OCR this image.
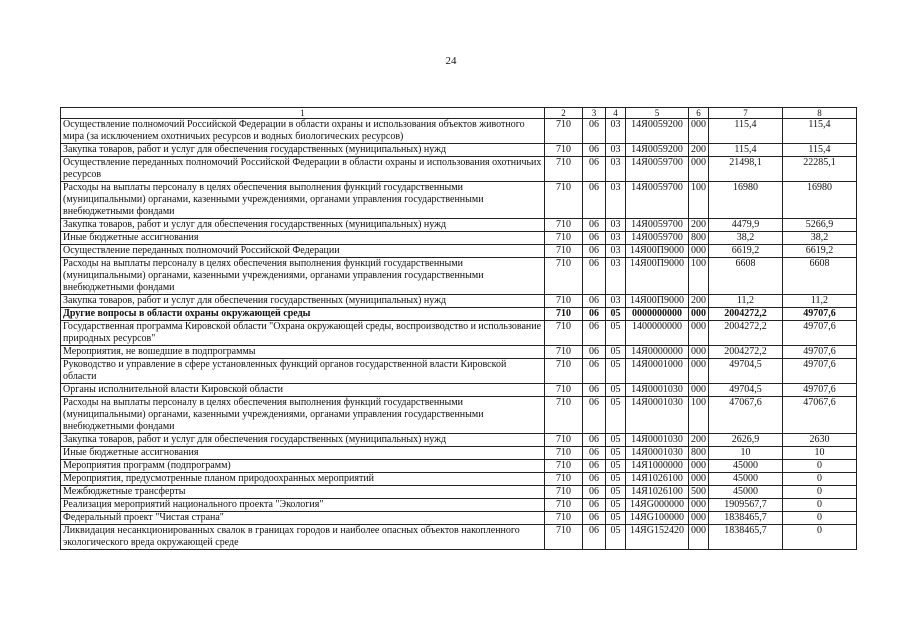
24
1	2	3	4	5	6	7	8
Осуществление полномочий Российской Федерации в области охраны и использования объектов животного мира (за исключением охотничьих ресурсов и водных биологических ресурсов)	710	06	03	14Я0059200	000	115,4	115,4
Закупка товаров, работ и услуг для обеспечения государственных (муниципальных) нужд	710	06	03	14Я0059200	200	115,4	115,4
Осуществление переданных полномочий Российской Федерации в области охраны и использования охотничьих ресурсов	710	06	03	14Я0059700	000	21498,1	22285,1
Расходы на выплаты персоналу в целях обеспечения выполнения функций государственными (муниципальными) органами, казенными учреждениями, органами управления государственными внебюджетными фондами	710	06	03	14Я0059700	100	16980	16980
Закупка товаров, работ и услуг для обеспечения государственных (муниципальных) нужд	710	06	03	14Я0059700	200	4479,9	5266,9
Иные бюджетные ассигнования	710	06	03	14Я0059700	800	38,2	38,2
Осуществление переданных полномочий Российской Федерации	710	06	03	14Я00П9000	000	6619,2	6619,2
Расходы на выплаты персоналу в целях обеспечения выполнения функций государственными (муниципальными) органами, казенными учреждениями, органами управления государственными внебюджетными фондами	710	06	03	14Я00П9000	100	6608	6608
Закупка товаров, работ и услуг для обеспечения государственных (муниципальных) нужд	710	06	03	14Я00П9000	200	11,2	11,2
Другие вопросы в области охраны окружающей среды	710	06	05	0000000000	000	2004272,2	49707,6
Государственная программа Кировской области "Охрана окружающей среды, воспроизводство и использование природных ресурсов"	710	06	05	1400000000	000	2004272,2	49707,6
Мероприятия, не вошедшие в подпрограммы	710	06	05	14Я0000000	000	2004272,2	49707,6
Руководство и управление в сфере установленных функций органов государственной власти Кировской области	710	06	05	14Я0001000	000	49704,5	49707,6
Органы исполнительной власти Кировской области	710	06	05	14Я0001030	000	49704,5	49707,6
Расходы на выплаты персоналу в целях обеспечения выполнения функций государственными (муниципальными) органами, казенными учреждениями, органами управления государственными внебюджетными фондами	710	06	05	14Я0001030	100	47067,6	47067,6
Закупка товаров, работ и услуг для обеспечения государственных (муниципальных) нужд	710	06	05	14Я0001030	200	2626,9	2630
Иные бюджетные ассигнования	710	06	05	14Я0001030	800	10	10
Мероприятия программ (подпрограмм)	710	06	05	14Я1000000	000	45000	0
Мероприятия, предусмотренные планом природоохранных мероприятий	710	06	05	14Я1026100	000	45000	0
Межбюджетные трансферты	710	06	05	14Я1026100	500	45000	0
Реализация мероприятий национального проекта "Экология"	710	06	05	14ЯG000000	000	1909567,7	0
Федеральный проект "Чистая страна"	710	06	05	14ЯG100000	000	1838465,7	0
Ликвидация несанкционированных свалок в границах городов и наиболее опасных объектов накопленного экологического вреда окружающей среде	710	06	05	14ЯG152420	000	1838465,7	0
